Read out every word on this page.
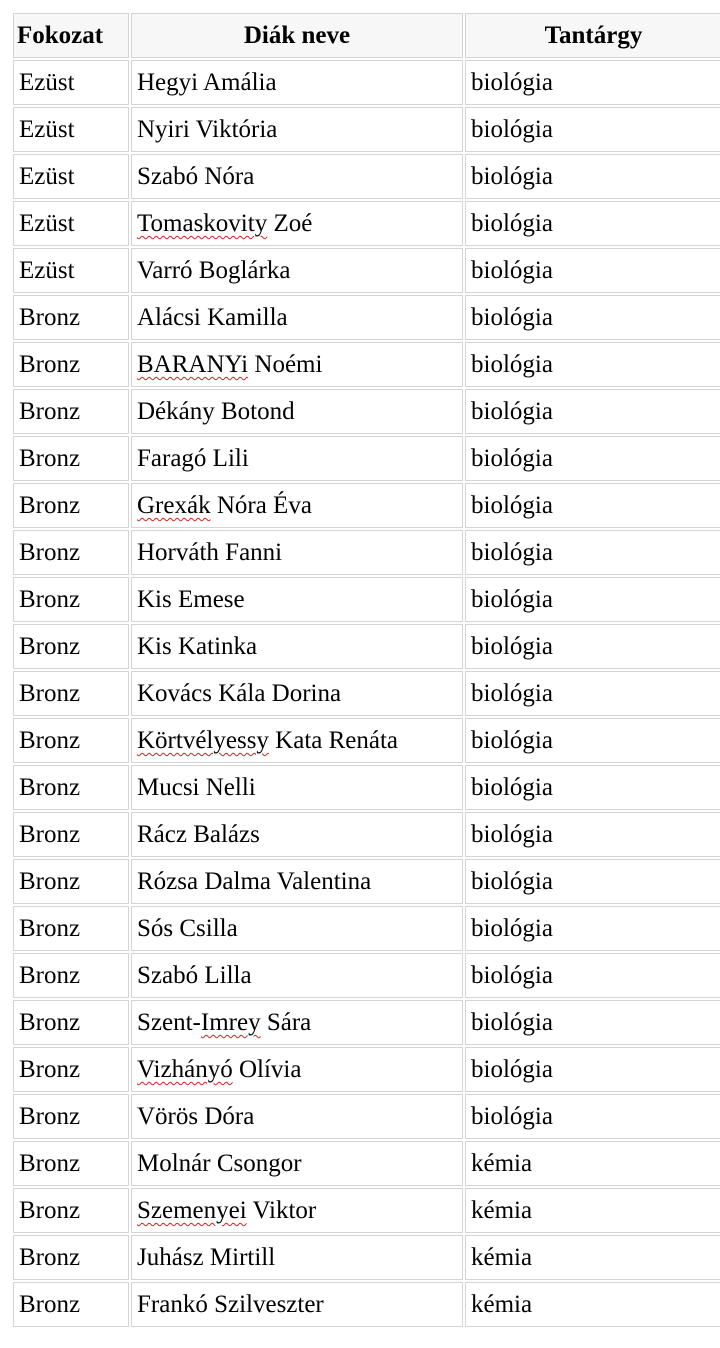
Fokozat	Diák neve	Tantárgy
Ezüst	Hegyi Amália	biológia
Ezüst	Nyiri Viktória	biológia
Ezüst	Szabó Nóra	biológia
Ezüst	Tomaskovity Zoé	biológia
Ezüst	Varró Boglárka	biológia
Bronz	Alácsi Kamilla	biológia
Bronz	BARANYi Noémi	biológia
Bronz	Dékány Botond	biológia
Bronz	Faragó Lili	biológia
Bronz	Grexák Nóra Éva	biológia
Bronz	Horváth Fanni	biológia
Bronz	Kis Emese	biológia
Bronz	Kis Katinka	biológia
Bronz	Kovács Kála Dorina	biológia
Bronz	Körtvélyessy Kata Renáta	biológia
Bronz	Mucsi Nelli	biológia
Bronz	Rácz Balázs	biológia
Bronz	Rózsa Dalma Valentina	biológia
Bronz	Sós Csilla	biológia
Bronz	Szabó Lilla	biológia
Bronz	Szent-Imrey Sára	biológia
Bronz	Vizhányó Olívia	biológia
Bronz	Vörös Dóra	biológia
Bronz	Molnár Csongor	kémia
Bronz	Szemenyei Viktor	kémia
Bronz	Juhász Mirtill	kémia
Bronz	Frankó Szilveszter	kémia
